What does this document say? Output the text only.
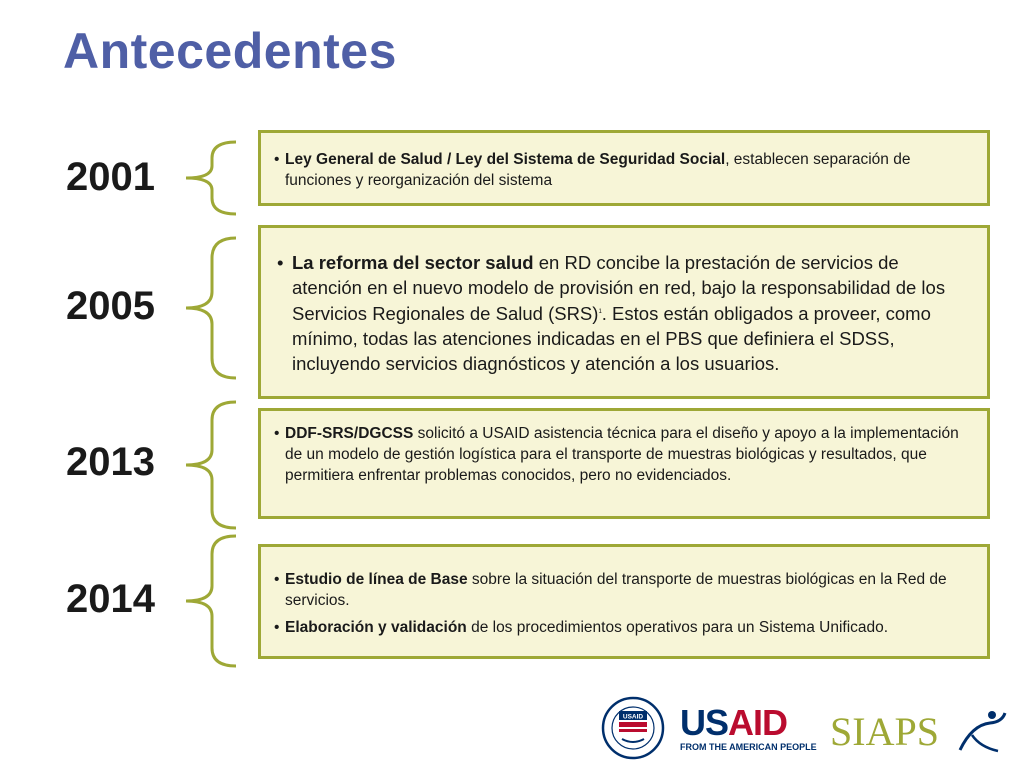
Antecedentes
2001	• Ley General de Salud / Ley del Sistema de Seguridad Social, establecen separación de funciones y reorganización del sistema
2005
• La reforma del sector salud en RD concibe la prestación de servicios de atención en el nuevo modelo de provisión en red, bajo la responsabilidad de los Servicios Regionales de Salud (SRS)$^1$. Estos están obligados a proveer, como mínimo, todas las atenciones indicadas en el PBS que definiera el SDSS, incluyendo servicios diagnósticos y atención a los usuarios.
2013
• DDF-SRS/DGCSS solicitó a USAID asistencia técnica para el diseño y apoyo a la implementación de un modelo de gestión logística para el transporte de muestras biológicas y resultados, que permitiera enfrentar problemas conocidos, pero no evidenciados.
2014	• Estudio de línea de Base sobre la situación del transporte de muestras biológicas en la Red de servicios.
• Elaboración y validación de los procedimientos operativos para un Sistema Unificado.
USAID USAID
FROM THE AMERICAN PEOPLE SIAPS
